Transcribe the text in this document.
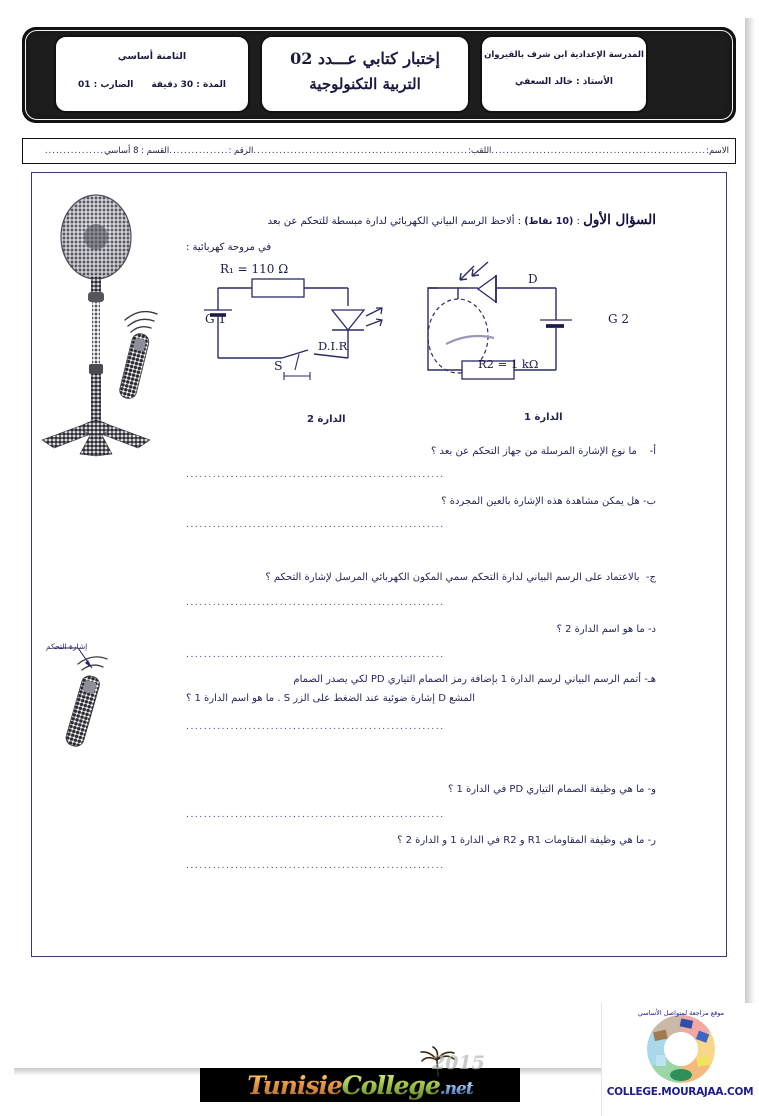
المدرسة الإعدادية ابن شرف بالقيروان
الأستاذ : خالد السعفي
إختبار كتابي عـــدد 02
التربية التكنولوجية
الثامنة أساسي
المدة : 30 دقيقة
الضارب : 01
الاسم:
..........................................................
اللقب:
..........................................................
الرقم :
................
القسم : 8 أساسي
................
السؤال الأول : (10 نقاط) : ألاحظ الرسم البياني الكهربائي لدارة مبسطة للتحكم عن بعد
في مروحة كهربائية :
R₁ = 110 Ω
G 1
D.I.R
S
D
G 2
R2 = 1 kΩ
الدارة 2	الدارة 1
أ-    ما نوع الإشارة المرسلة من جهاز التحكم عن بعد ؟
..........................................................
ب- هل يمكن مشاهدة هذه الإشارة بالعين المجردة ؟
..........................................................
ج-  بالاعتماد على الرسم البياني لدارة التحكم سمي المكون الكهربائي المرسل لإشارة التحكم ؟
..........................................................
د- ما هو اسم الدارة 2 ؟
..........................................................
هـ- أتمم الرسم البياني لرسم الدارة 1 بإضافة رمز الصمام التياري PD لكي يصدر الصمام
المشع D إشارة ضوئية عند الضغط على الزر S . ما هو اسم الدارة 1 ؟
..........................................................
و- ما هي وظيفة الصمام التياري PD في الدارة 1 ؟
..........................................................
ر- ما هي وظيفة المقاومات R1 و R2 في الدارة 1 و الدارة 2 ؟
..........................................................
إشارة التحكم
TunisieCollege.net
2015
موقع مراجعة لمتواصل الأساسي
COLLEGE.MOURAJAA.COM
